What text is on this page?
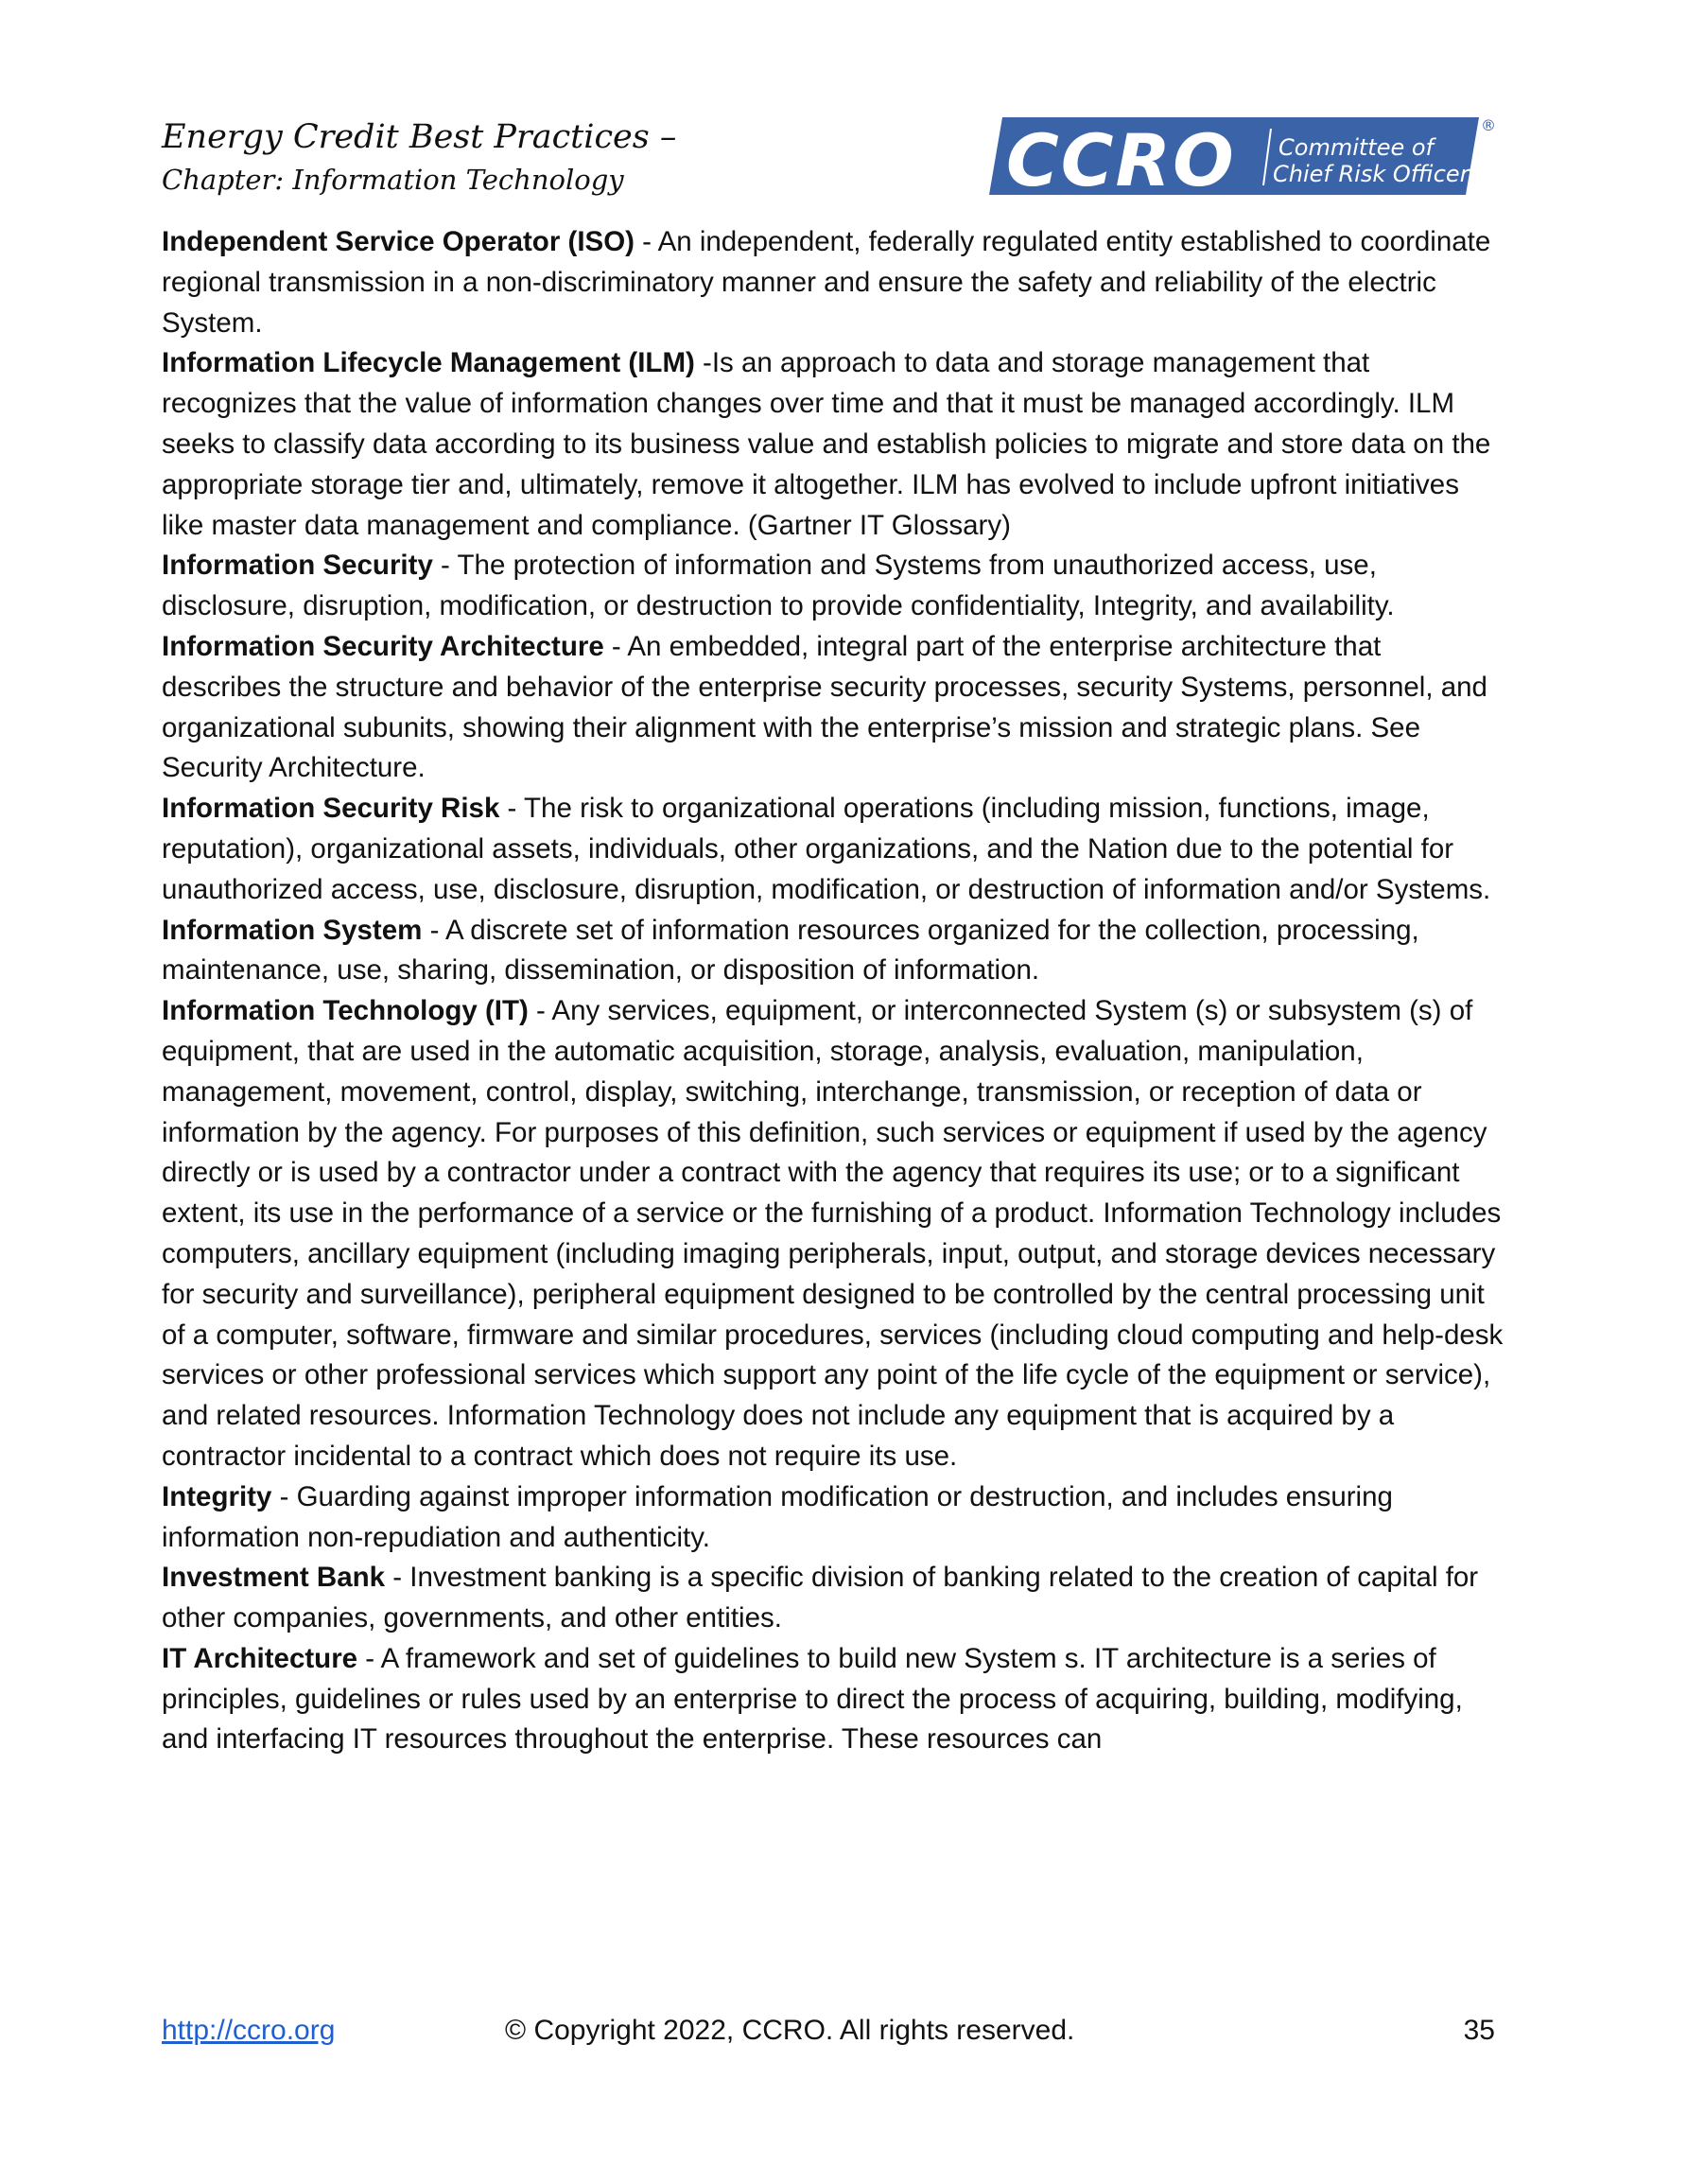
Energy Credit Best Practices –
Chapter: Information Technology	CCRO Committee of
Chief Risk Officers
®

Independent Service Operator (ISO) - An independent, federally regulated entity established to coordinate regional transmission in a non-discriminatory manner and ensure the safety and reliability of the electric System.

Information Lifecycle Management (ILM) -Is an approach to data and storage management that recognizes that the value of information changes over time and that it must be managed accordingly. ILM seeks to classify data according to its business value and establish policies to migrate and store data on the appropriate storage tier and, ultimately, remove it altogether. ILM has evolved to include upfront initiatives like master data management and compliance. (Gartner IT Glossary)

Information Security - The protection of information and Systems from unauthorized access, use, disclosure, disruption, modification, or destruction to provide confidentiality, Integrity, and availability.

Information Security Architecture - An embedded, integral part of the enterprise architecture that describes the structure and behavior of the enterprise security processes, security Systems, personnel, and organizational subunits, showing their alignment with the enterprise’s mission and strategic plans. See Security Architecture.

Information Security Risk - The risk to organizational operations (including mission, functions, image, reputation), organizational assets, individuals, other organizations, and the Nation due to the potential for unauthorized access, use, disclosure, disruption, modification, or destruction of information and/or Systems.

Information System - A discrete set of information resources organized for the collection, processing, maintenance, use, sharing, dissemination, or disposition of information.

Information Technology (IT) - Any services, equipment, or interconnected System (s) or subsystem (s) of equipment, that are used in the automatic acquisition, storage, analysis, evaluation, manipulation, management, movement, control, display, switching, interchange, transmission, or reception of data or information by the agency. For purposes of this definition, such services or equipment if used by the agency directly or is used by a contractor under a contract with the agency that requires its use; or to a significant extent, its use in the performance of a service or the furnishing of a product. Information Technology includes computers, ancillary equipment (including imaging peripherals, input, output, and storage devices necessary for security and surveillance), peripheral equipment designed to be controlled by the central processing unit of a computer, software, firmware and similar procedures, services (including cloud computing and help-desk services or other professional services which support any point of the life cycle of the equipment or service), and related resources. Information Technology does not include any equipment that is acquired by a contractor incidental to a contract which does not require its use.

Integrity - Guarding against improper information modification or destruction, and includes ensuring information non-repudiation and authenticity.

Investment Bank - Investment banking is a specific division of banking related to the creation of capital for other companies, governments, and other entities.

IT Architecture - A framework and set of guidelines to build new System s. IT architecture is a series of principles, guidelines or rules used by an enterprise to direct the process of acquiring, building, modifying, and interfacing IT resources throughout the enterprise. These resources can

http://ccro.org	© Copyright 2022, CCRO. All rights reserved.	35
